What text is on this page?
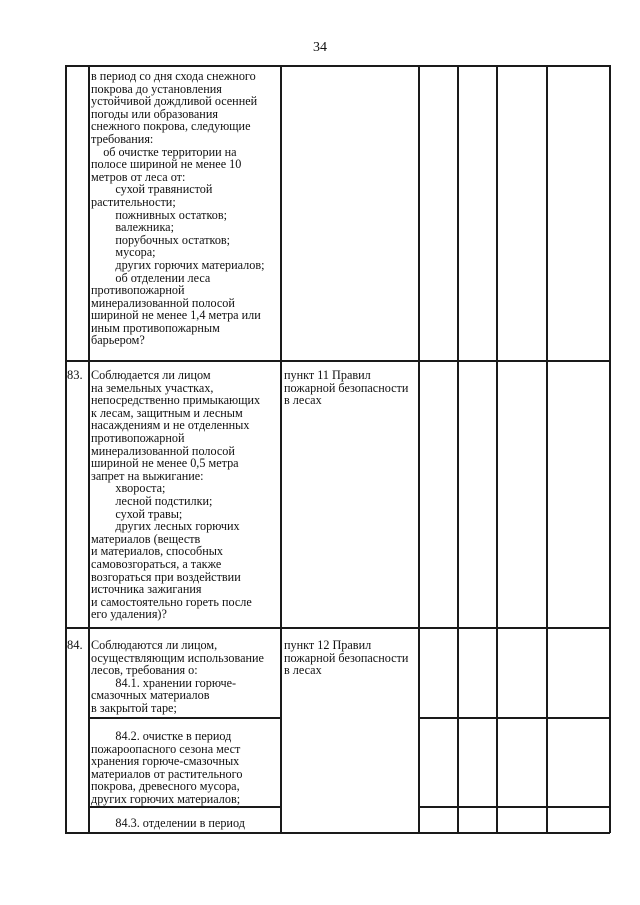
34
в период со дня схода снежного
покрова до установления
устойчивой дождливой осенней
погоды или образования
снежного покрова, следующие
требования:
об очистке территории на
полосе шириной не менее 10
метров от леса от:
сухой травянистой
растительности;
пожнивных остатков;
валежника;
порубочных остатков;
мусора;
других горючих материалов;
об отделении леса
противопожарной
минерализованной полосой
шириной не менее 1,4 метра или
иным противопожарным
барьером?
83. Соблюдается ли лицом
на земельных участках,
непосредственно примыкающих
к лесам, защитным и лесным
насаждениям и не отделенных
противопожарной
минерализованной полосой
шириной не менее 0,5 метра
запрет на выжигание:
хвороста;
лесной подстилки;
сухой травы;
других лесных горючих
материалов (веществ
и материалов, способных
самовозгораться, а также
возгораться при воздействии
источника зажигания
и самостоятельно гореть после
его удаления)?
пункт 11 Правил
пожарной безопасности
в лесах
84. Соблюдаются ли лицом,
осуществляющим использование
лесов, требования о:
84.1. хранении горюче-
смазочных материалов
в закрытой таре;
пункт 12 Правил
пожарной безопасности
в лесах
84.2. очистке в период
пожароопасного сезона мест
хранения горюче-смазочных
материалов от растительного
покрова, древесного мусора,
других горючих материалов;
84.3. отделении в период
